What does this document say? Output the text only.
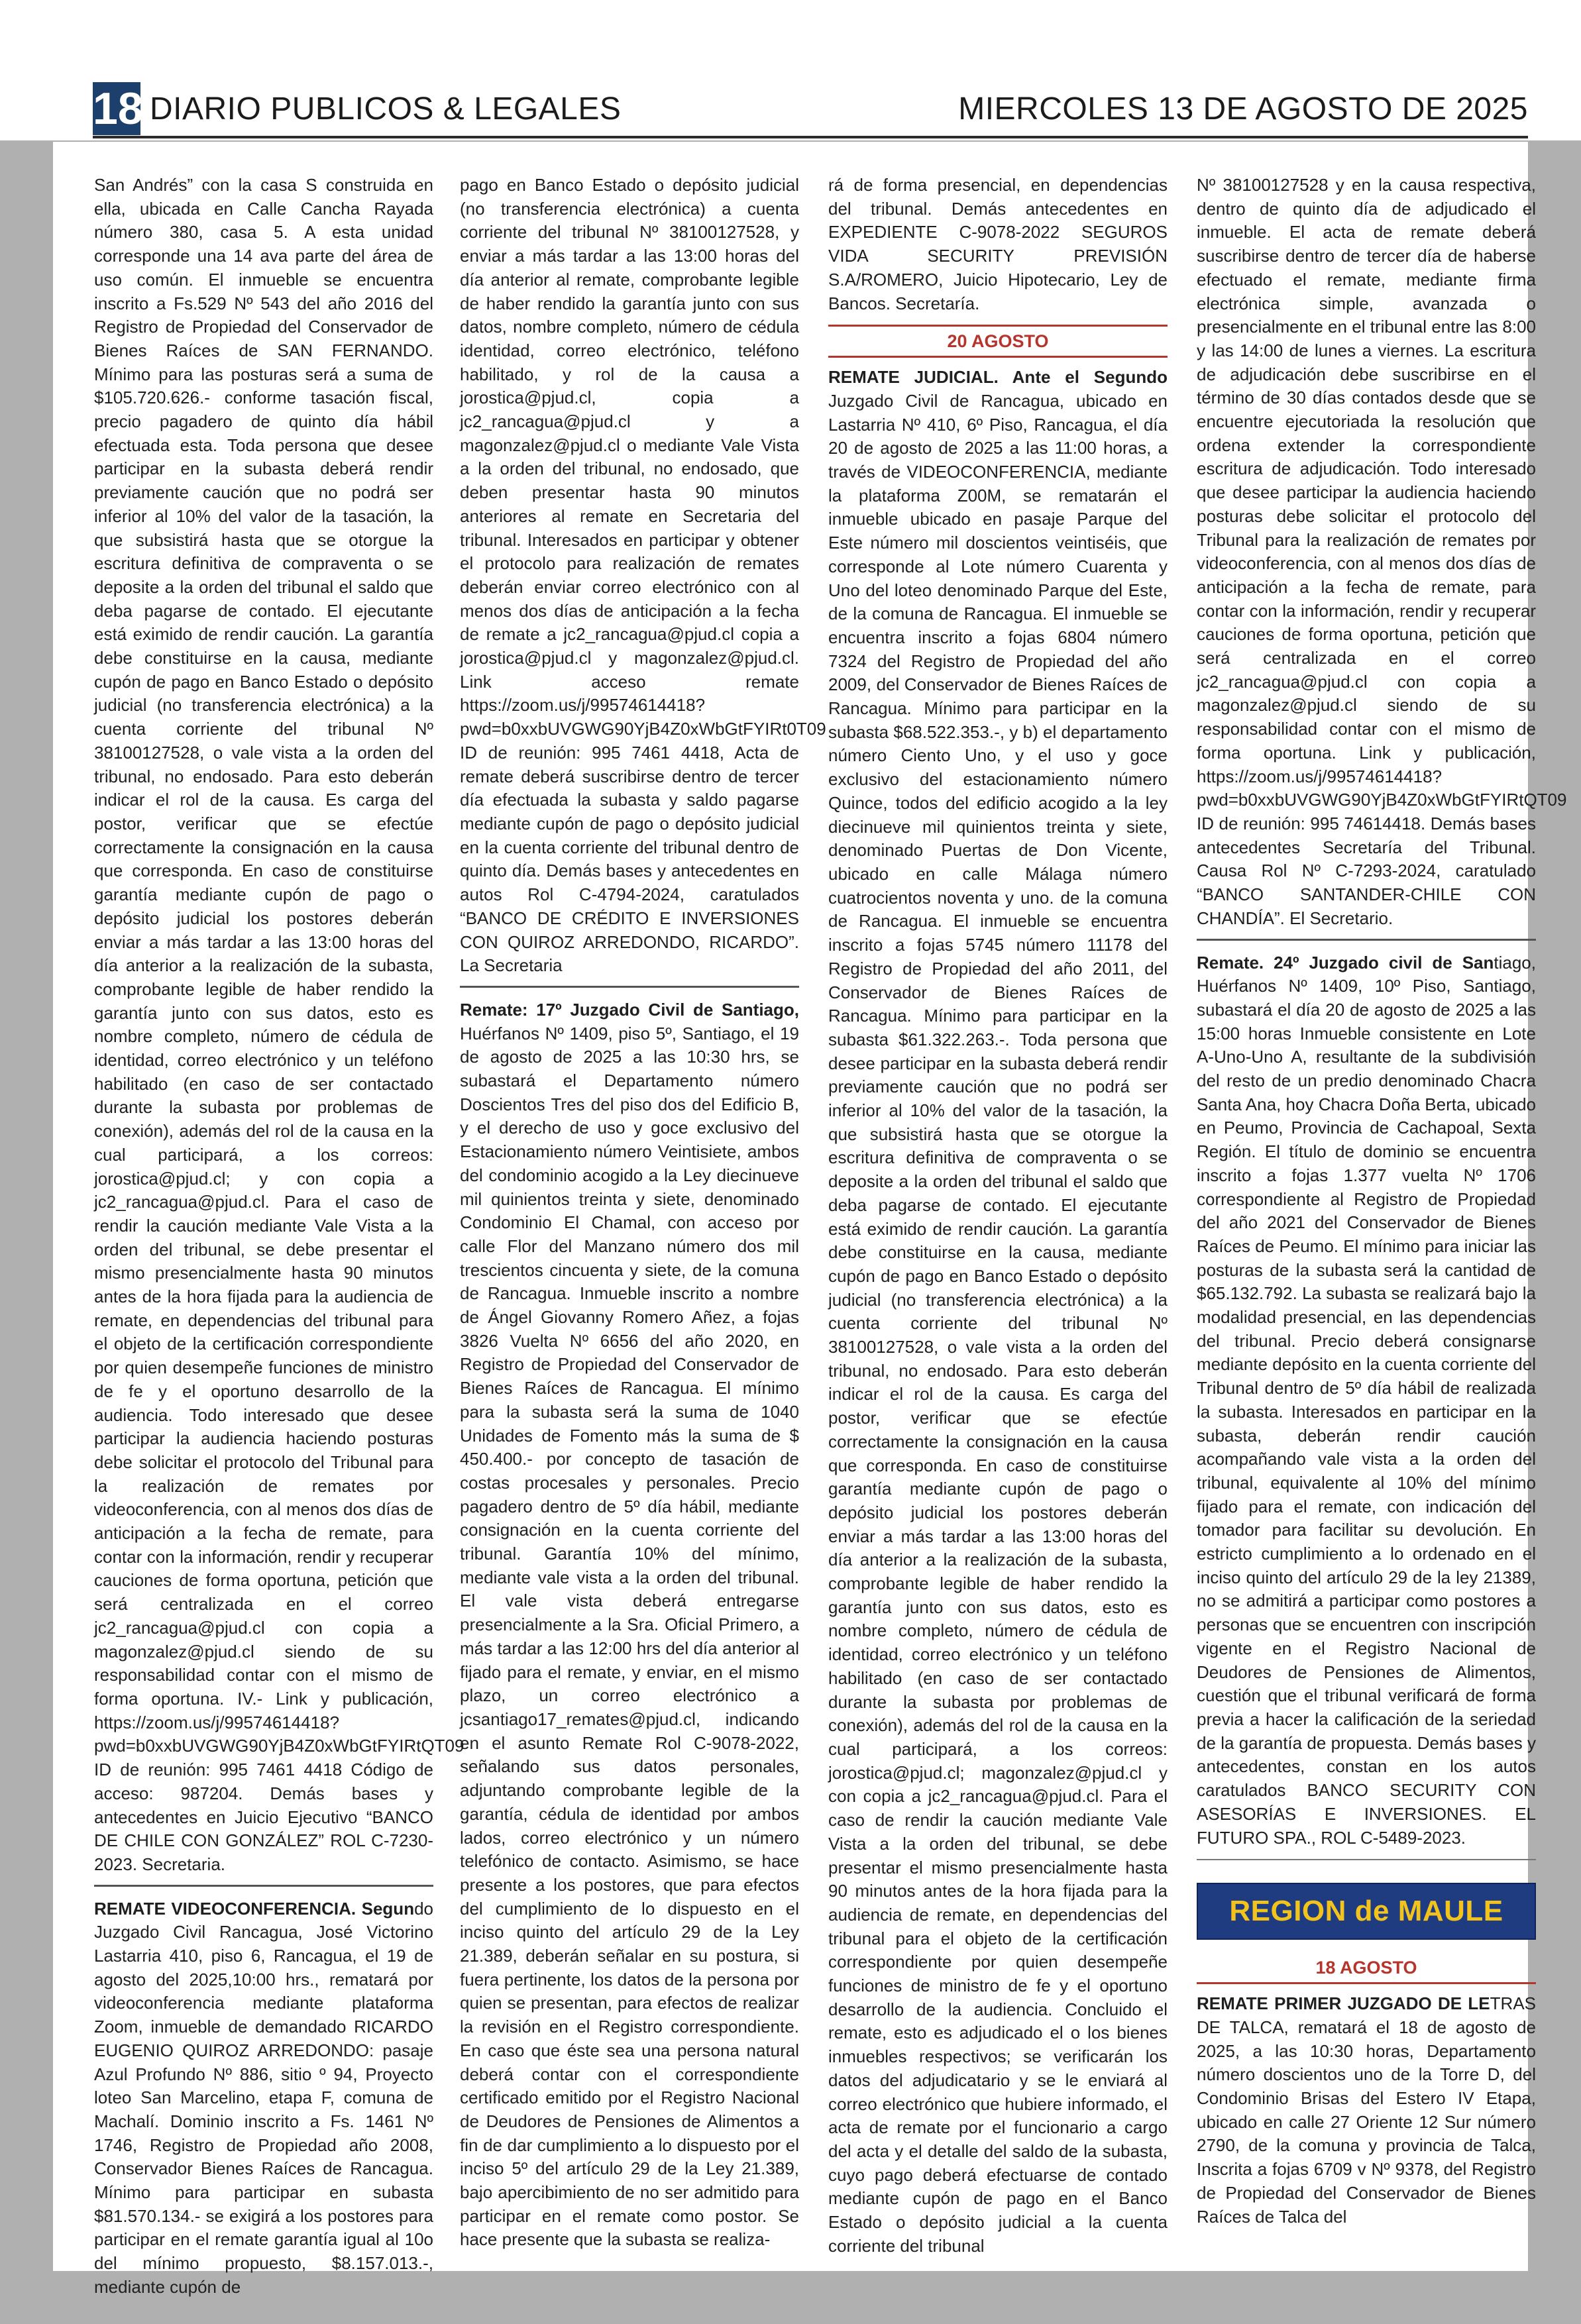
18 DIARIO PUBLICOS & LEGALES	MIERCOLES 13 DE AGOSTO DE 2025

San Andrés” con la casa S construida en ella, ubicada en Calle Cancha Rayada número 380, casa 5. A esta unidad corresponde una 14 ava parte del área de uso común. El inmueble se encuentra inscrito a Fs.529 Nº 543 del año 2016 del Registro de Propiedad del Conservador de Bienes Raíces de SAN FERNANDO. Mínimo para las posturas será a suma de $105.720.626.- conforme tasación fiscal, precio pagadero de quinto día hábil efectuada esta. Toda persona que desee participar en la subasta deberá rendir previamente caución que no podrá ser inferior al 10% del valor de la tasación, la que subsistirá hasta que se otorgue la escritura definitiva de compraventa o se deposite a la orden del tribunal el saldo que deba pagarse de contado. El ejecutante está eximido de rendir caución. La garantía debe constituirse en la causa, mediante cupón de pago en Banco Estado o depósito judicial (no transferencia electrónica) a la cuenta corriente del tribunal Nº 38100127528, o vale vista a la orden del tribunal, no endosado. Para esto deberán indicar el rol de la causa. Es carga del postor, verificar que se efectúe correctamente la consignación en la causa que corresponda. En caso de constituirse garantía mediante cupón de pago o depósito judicial los postores deberán enviar a más tardar a las 13:00 horas del día anterior a la realización de la subasta, comprobante legible de haber rendido la garantía junto con sus datos, esto es nombre completo, número de cédula de identidad, correo electrónico y un teléfono habilitado (en caso de ser contactado durante la subasta por problemas de conexión), además del rol de la causa en la cual participará, a los correos: jorostica@pjud.cl; y con copia a jc2_rancagua@pjud.cl. Para el caso de rendir la caución mediante Vale Vista a la orden del tribunal, se debe presentar el mismo presencialmente hasta 90 minutos antes de la hora fijada para la audiencia de remate, en dependencias del tribunal para el objeto de la certificación correspondiente por quien desempeñe funciones de ministro de fe y el oportuno desarrollo de la audiencia. Todo interesado que desee participar la audiencia haciendo posturas debe solicitar el protocolo del Tribunal para la realización de remates por videoconferencia, con al menos dos días de anticipación a la fecha de remate, para contar con la información, rendir y recuperar cauciones de forma oportuna, petición que será centralizada en el correo jc2_rancagua@pjud.cl con copia a magonzalez@pjud.cl siendo de su responsabilidad contar con el mismo de forma oportuna. IV.- Link y publicación, https://zoom.us/j/99574614418?pwd=b0xxbUVGWG90YjB4Z0xWbGtFYIRtQT09 ID de reunión: 995 7461 4418 Código de acceso: 987204. Demás bases y antecedentes en Juicio Ejecutivo “BANCO DE CHILE CON GONZÁLEZ” ROL C-7230-2023. Secretaria.

REMATE VIDEOCONFERENCIA. Segundo Juzgado Civil Rancagua, José Victorino Lastarria 410, piso 6, Rancagua, el 19 de agosto del 2025,10:00 hrs., rematará por videoconferencia mediante plataforma Zoom, inmueble de demandado RICARDO EUGENIO QUIROZ ARREDONDO: pasaje Azul Profundo Nº 886, sitio º 94, Proyecto loteo San Marcelino, etapa F, comuna de Machalí. Dominio inscrito a Fs. 1461 Nº 1746, Registro de Propiedad año 2008, Conservador Bienes Raíces de Rancagua. Mínimo para participar en subasta $81.570.134.- se exigirá a los postores para participar en el remate garantía igual al 10o del mínimo propuesto, $8.157.013.-, mediante cupón de

pago en Banco Estado o depósito judicial (no transferencia electrónica) a cuenta corriente del tribunal Nº 38100127528, y enviar a más tardar a las 13:00 horas del día anterior al remate, comprobante legible de haber rendido la garantía junto con sus datos, nombre completo, número de cédula identidad, correo electrónico, teléfono habilitado, y rol de la causa a jorostica@pjud.cl, copia a jc2_rancagua@pjud.cl y a magonzalez@pjud.cl o mediante Vale Vista a la orden del tribunal, no endosado, que deben presentar hasta 90 minutos anteriores al remate en Secretaria del tribunal. Interesados en participar y obtener el protocolo para realización de remates deberán enviar correo electrónico con al menos dos días de anticipación a la fecha de remate a jc2_rancagua@pjud.cl copia a jorostica@pjud.cl y magonzalez@pjud.cl. Link acceso remate https://zoom.us/j/99574614418?pwd=b0xxbUVGWG90YjB4Z0xWbGtFYIRt0T09 ID de reunión: 995 7461 4418, Acta de remate deberá suscribirse dentro de tercer día efectuada la subasta y saldo pagarse mediante cupón de pago o depósito judicial en la cuenta corriente del tribunal dentro de quinto día. Demás bases y antecedentes en autos Rol C-4794-2024, caratulados “BANCO DE CRÉDITO E INVERSIONES CON QUIROZ ARREDONDO, RICARDO”. La Secretaria

Remate: 17º Juzgado Civil de Santiago, Huérfanos Nº 1409, piso 5º, Santiago, el 19 de agosto de 2025 a las 10:30 hrs, se subastará el Departamento número Doscientos Tres del piso dos del Edificio B, y el derecho de uso y goce exclusivo del Estacionamiento número Veintisiete, ambos del condominio acogido a la Ley diecinueve mil quinientos treinta y siete, denominado Condominio El Chamal, con acceso por calle Flor del Manzano número dos mil trescientos cincuenta y siete, de la comuna de Rancagua. Inmueble inscrito a nombre de Ángel Giovanny Romero Añez, a fojas 3826 Vuelta Nº 6656 del año 2020, en Registro de Propiedad del Conservador de Bienes Raíces de Rancagua. El mínimo para la subasta será la suma de 1040 Unidades de Fomento más la suma de $ 450.400.- por concepto de tasación de costas procesales y personales. Precio pagadero dentro de 5º día hábil, mediante consignación en la cuenta corriente del tribunal. Garantía 10% del mínimo, mediante vale vista a la orden del tribunal. El vale vista deberá entregarse presencialmente a la Sra. Oficial Primero, a más tardar a las 12:00 hrs del día anterior al fijado para el remate, y enviar, en el mismo plazo, un correo electrónico a jcsantiago17_remates@pjud.cl, indicando en el asunto Remate Rol C-9078-2022, señalando sus datos personales, adjuntando comprobante legible de la garantía, cédula de identidad por ambos lados, correo electrónico y un número telefónico de contacto. Asimismo, se hace presente a los postores, que para efectos del cumplimiento de lo dispuesto en el inciso quinto del artículo 29 de la Ley 21.389, deberán señalar en su postura, si fuera pertinente, los datos de la persona por quien se presentan, para efectos de realizar la revisión en el Registro correspondiente. En caso que éste sea una persona natural deberá contar con el correspondiente certificado emitido por el Registro Nacional de Deudores de Pensiones de Alimentos a fin de dar cumplimiento a lo dispuesto por el inciso 5º del artículo 29 de la Ley 21.389, bajo apercibimiento de no ser admitido para participar en el remate como postor. Se hace presente que la subasta se realiza-

rá de forma presencial, en dependencias del tribunal. Demás antecedentes en EXPEDIENTE C-9078-2022 SEGUROS VIDA SECURITY PREVISIÓN S.A/ROMERO, Juicio Hipotecario, Ley de Bancos. Secretaría.

20 AGOSTO

REMATE JUDICIAL. Ante el Segundo Juzgado Civil de Rancagua, ubicado en Lastarria Nº 410, 6º Piso, Rancagua, el día 20 de agosto de 2025 a las 11:00 horas, a través de VIDEOCONFERENCIA, mediante la plataforma Z00M, se rematarán el inmueble ubicado en pasaje Parque del Este número mil doscientos veintiséis, que corresponde al Lote número Cuarenta y Uno del loteo denominado Parque del Este, de la comuna de Rancagua. El inmueble se encuentra inscrito a fojas 6804 número 7324 del Registro de Propiedad del año 2009, del Conservador de Bienes Raíces de Rancagua. Mínimo para participar en la subasta $68.522.353.-, y b) el departamento número Ciento Uno, y el uso y goce exclusivo del estacionamiento número Quince, todos del edificio acogido a la ley diecinueve mil quinientos treinta y siete, denominado Puertas de Don Vicente, ubicado en calle Málaga número cuatrocientos noventa y uno. de la comuna de Rancagua. El inmueble se encuentra inscrito a fojas 5745 número 11178 del Registro de Propiedad del año 2011, del Conservador de Bienes Raíces de Rancagua. Mínimo para participar en la subasta $61.322.263.-. Toda persona que desee participar en la subasta deberá rendir previamente caución que no podrá ser inferior al 10% del valor de la tasación, la que subsistirá hasta que se otorgue la escritura definitiva de compraventa o se deposite a la orden del tribunal el saldo que deba pagarse de contado. El ejecutante está eximido de rendir caución. La garantía debe constituirse en la causa, mediante cupón de pago en Banco Estado o depósito judicial (no transferencia electrónica) a la cuenta corriente del tribunal Nº 38100127528, o vale vista a la orden del tribunal, no endosado. Para esto deberán indicar el rol de la causa. Es carga del postor, verificar que se efectúe correctamente la consignación en la causa que corresponda. En caso de constituirse garantía mediante cupón de pago o depósito judicial los postores deberán enviar a más tardar a las 13:00 horas del día anterior a la realización de la subasta, comprobante legible de haber rendido la garantía junto con sus datos, esto es nombre completo, número de cédula de identidad, correo electrónico y un teléfono habilitado (en caso de ser contactado durante la subasta por problemas de conexión), además del rol de la causa en la cual participará, a los correos: jorostica@pjud.cl; magonzalez@pjud.cl y con copia a jc2_rancagua@pjud.cl. Para el caso de rendir la caución mediante Vale Vista a la orden del tribunal, se debe presentar el mismo presencialmente hasta 90 minutos antes de la hora fijada para la audiencia de remate, en dependencias del tribunal para el objeto de la certificación correspondiente por quien desempeñe funciones de ministro de fe y el oportuno desarrollo de la audiencia. Concluido el remate, esto es adjudicado el o los bienes inmuebles respectivos; se verificarán los datos del adjudicatario y se le enviará al correo electrónico que hubiere informado, el acta de remate por el funcionario a cargo del acta y el detalle del saldo de la subasta, cuyo pago deberá efectuarse de contado mediante cupón de pago en el Banco Estado o depósito judicial a la cuenta corriente del tribunal

Nº 38100127528 y en la causa respectiva, dentro de quinto día de adjudicado el inmueble. El acta de remate deberá suscribirse dentro de tercer día de haberse efectuado el remate, mediante firma electrónica simple, avanzada o presencialmente en el tribunal entre las 8:00 y las 14:00 de lunes a viernes. La escritura de adjudicación debe suscribirse en el término de 30 días contados desde que se encuentre ejecutoriada la resolución que ordena extender la correspondiente escritura de adjudicación. Todo interesado que desee participar la audiencia haciendo posturas debe solicitar el protocolo del Tribunal para la realización de remates por videoconferencia, con al menos dos días de anticipación a la fecha de remate, para contar con la información, rendir y recuperar cauciones de forma oportuna, petición que será centralizada en el correo jc2_rancagua@pjud.cl con copia a magonzalez@pjud.cl siendo de su responsabilidad contar con el mismo de forma oportuna. Link y publicación, https://zoom.us/j/99574614418?pwd=b0xxbUVGWG90YjB4Z0xWbGtFYIRtQT09 ID de reunión: 995 74614418. Demás bases antecedentes Secretaría del Tribunal. Causa Rol Nº C-7293-2024, caratulado “BANCO SANTANDER-CHILE CON CHANDÍA”. El Secretario.

Remate. 24º Juzgado civil de Santiago, Huérfanos Nº 1409, 10º Piso, Santiago, subastará el día 20 de agosto de 2025 a las 15:00 horas Inmueble consistente en Lote A-Uno-Uno A, resultante de la subdivisión del resto de un predio denominado Chacra Santa Ana, hoy Chacra Doña Berta, ubicado en Peumo, Provincia de Cachapoal, Sexta Región. El título de dominio se encuentra inscrito a fojas 1.377 vuelta Nº 1706 correspondiente al Registro de Propiedad del año 2021 del Conservador de Bienes Raíces de Peumo. El mínimo para iniciar las posturas de la subasta será la cantidad de $65.132.792. La subasta se realizará bajo la modalidad presencial, en las dependencias del tribunal. Precio deberá consignarse mediante depósito en la cuenta corriente del Tribunal dentro de 5º día hábil de realizada la subasta. Interesados en participar en la subasta, deberán rendir caución acompañando vale vista a la orden del tribunal, equivalente al 10% del mínimo fijado para el remate, con indicación del tomador para facilitar su devolución. En estricto cumplimiento a lo ordenado en el inciso quinto del artículo 29 de la ley 21389, no se admitirá a participar como postores a personas que se encuentren con inscripción vigente en el Registro Nacional de Deudores de Pensiones de Alimentos, cuestión que el tribunal verificará de forma previa a hacer la calificación de la seriedad de la garantía de propuesta. Demás bases y antecedentes, constan en los autos caratulados BANCO SECURITY CON ASESORÍAS E INVERSIONES. EL FUTURO SPA., ROL C-5489-2023.

REGION de MAULE
18 AGOSTO

REMATE PRIMER JUZGADO DE LETRAS DE TALCA, rematará el 18 de agosto de 2025, a las 10:30 horas, Departamento número doscientos uno de la Torre D, del Condominio Brisas del Estero IV Etapa, ubicado en calle 27 Oriente 12 Sur número 2790, de la comuna y provincia de Talca, Inscrita a fojas 6709 v Nº 9378, del Registro de Propiedad del Conservador de Bienes Raíces de Talca del
